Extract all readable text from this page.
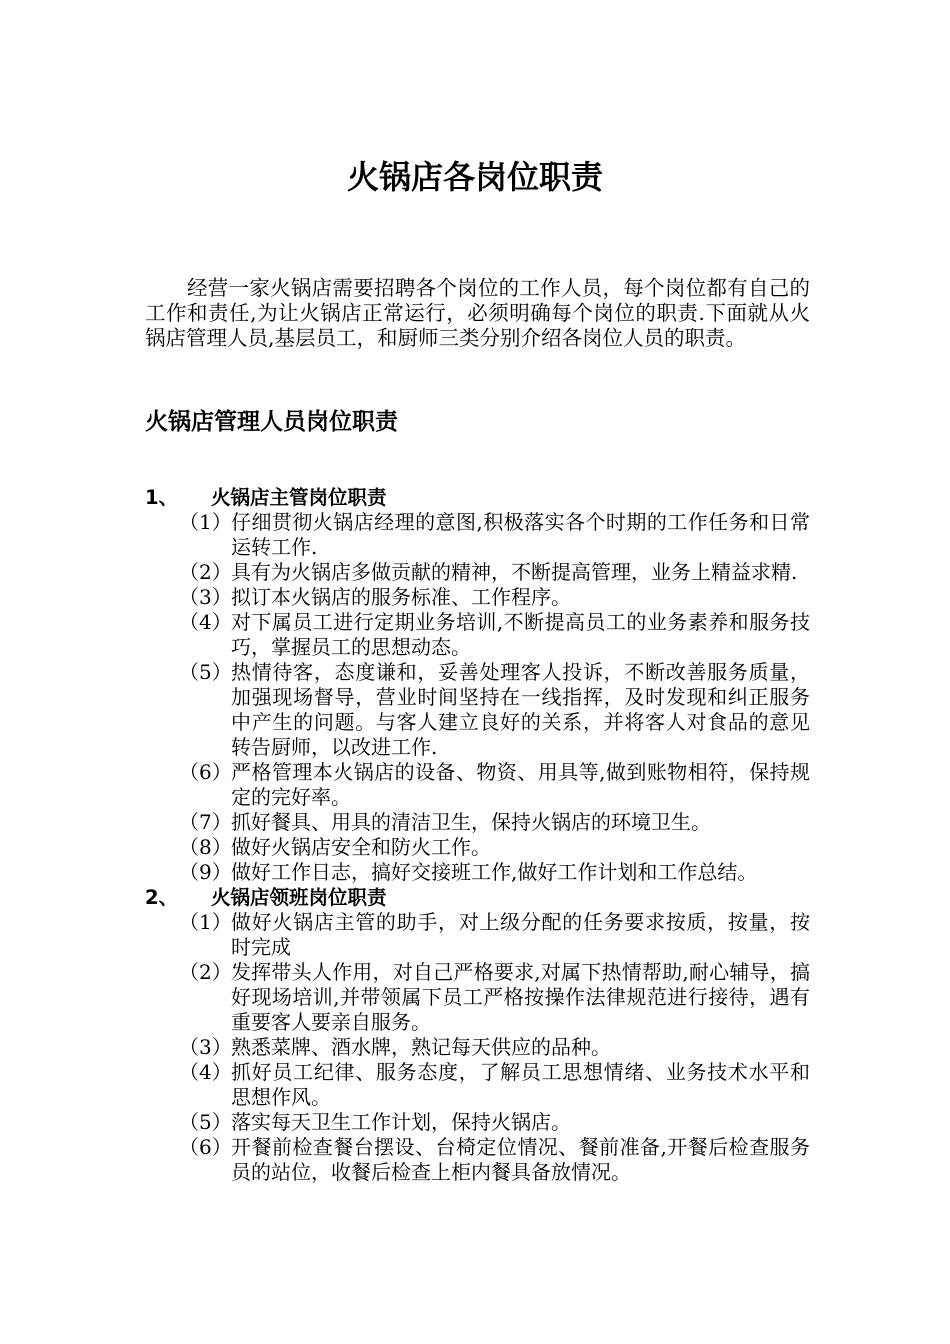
火锅店各岗位职责

经营一家火锅店需要招聘各个岗位的工作人员，每个岗位都有自己的工作和责任,为让火锅店正常运行，必须明确每个岗位的职责.下面就从火锅店管理人员,基层员工，和厨师三类分别介绍各岗位人员的职责。

火锅店管理人员岗位职责
1、	火锅店主管岗位职责
（1） 仔细贯彻火锅店经理的意图,积极落实各个时期的工作任务和日常运转工作.
（2） 具有为火锅店多做贡献的精神，不断提高管理，业务上精益求精.
（3） 拟订本火锅店的服务标准、工作程序。
（4） 对下属员工进行定期业务培训,不断提高员工的业务素养和服务技巧，掌握员工的思想动态。
（5） 热情待客，态度谦和，妥善处理客人投诉，不断改善服务质量，加强现场督导，营业时间坚持在一线指挥，及时发现和纠正服务中产生的问题。与客人建立良好的关系，并将客人对食品的意见转告厨师，以改进工作.
（6） 严格管理本火锅店的设备、物资、用具等,做到账物相符，保持规定的完好率。
（7） 抓好餐具、用具的清洁卫生，保持火锅店的环境卫生。
（8） 做好火锅店安全和防火工作。
（9） 做好工作日志，搞好交接班工作,做好工作计划和工作总结。
2、	火锅店领班岗位职责
（1） 做好火锅店主管的助手，对上级分配的任务要求按质，按量，按时完成
（2） 发挥带头人作用，对自己严格要求,对属下热情帮助,耐心辅导，搞好现场培训,并带领属下员工严格按操作法律规范进行接待，遇有重要客人要亲自服务。
（3） 熟悉菜牌、酒水牌，熟记每天供应的品种。
（4） 抓好员工纪律、服务态度，了解员工思想情绪、业务技术水平和思想作风。
（5） 落实每天卫生工作计划，保持火锅店。
（6） 开餐前检查餐台摆设、台椅定位情况、餐前准备,开餐后检查服务员的站位，收餐后检查上柜内餐具备放情况。
